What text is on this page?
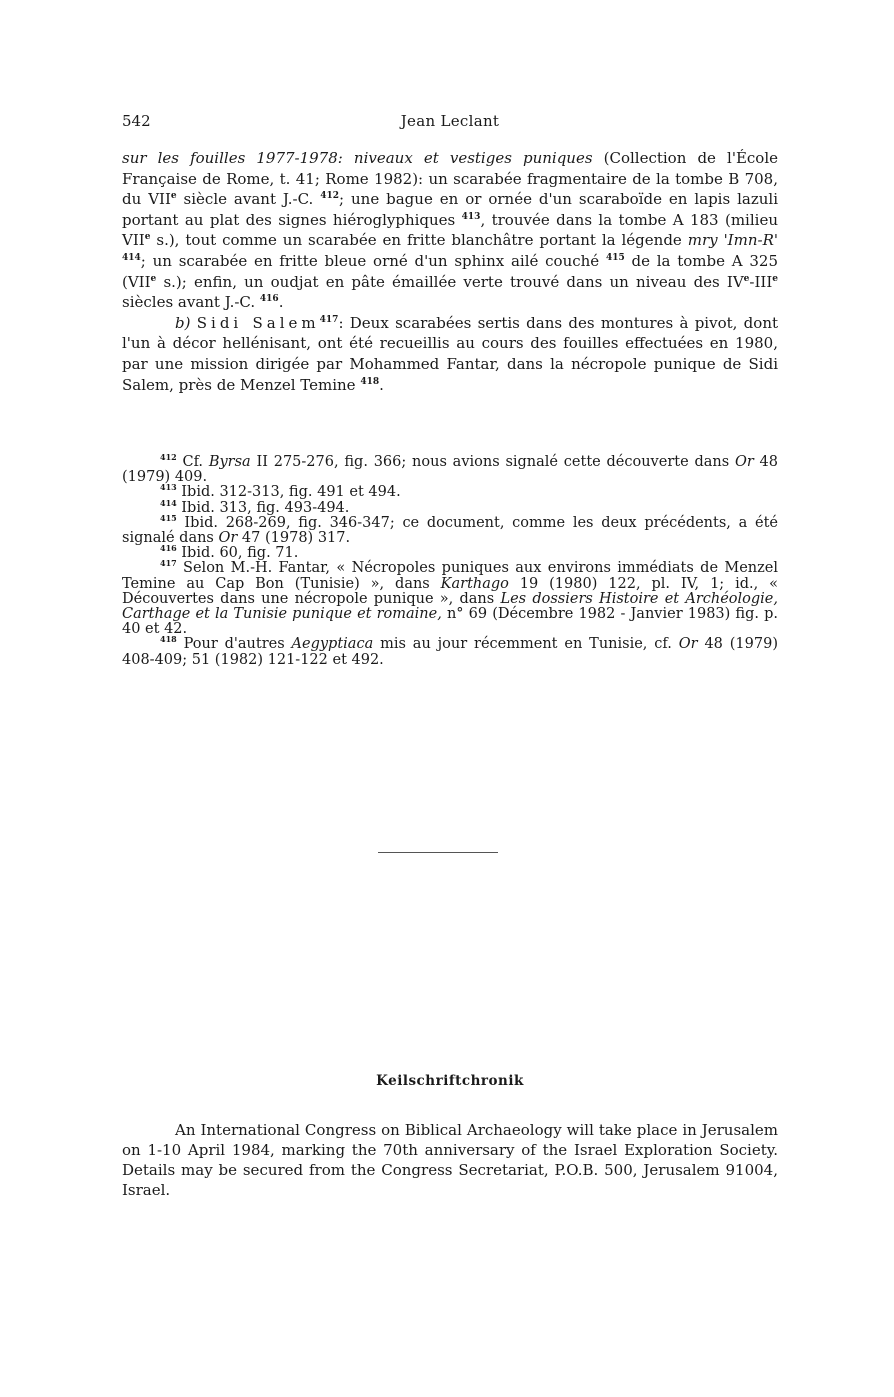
542	Jean Leclant

sur les fouilles 1977-1978: niveaux et vestiges puniques (Collection de l'École Française de Rome, t. 41; Rome 1982): un scarabée fragmentaire de la tombe B 708, du VIIe siècle avant J.-C. $^{412}$; une bague en or ornée d'un scaraboïde en lapis lazuli portant au plat des signes hiéroglyphiques $^{413}$, trouvée dans la tombe A 183 (milieu VIIe s.), tout comme un scarabée en fritte blanchâtre portant la légende mry 'Imn-R' $^{414}$; un scarabée en fritte bleue orné d'un sphinx ailé couché $^{415}$ de la tombe A 325 (VIIe s.); enfin, un oudjat en pâte émaillée verte trouvé dans un niveau des IVe-IIIe siècles avant J.-C. $^{416}$.

b) Sidi Salem$^{417}$: Deux scarabées sertis dans des montures à pivot, dont l'un à décor hellénisant, ont été recueillis au cours des fouilles effectuées en 1980, par une mission dirigée par Mohammed Fantar, dans la nécropole punique de Sidi Salem, près de Menzel Temine $^{418}$.

$^{412}$ Cf. Byrsa II 275-276, fig. 366; nous avions signalé cette découverte dans Or 48 (1979) 409.

$^{413}$ Ibid. 312-313, fig. 491 et 494.

$^{414}$ Ibid. 313, fig. 493-494.

$^{415}$ Ibid. 268-269, fig. 346-347; ce document, comme les deux précédents, a été signalé dans Or 47 (1978) 317.

$^{416}$ Ibid. 60, fig. 71.

$^{417}$ Selon M.-H. Fantar, « Nécropoles puniques aux environs immédiats de Menzel Temine au Cap Bon (Tunisie) », dans Karthago 19 (1980) 122, pl. IV, 1; id., « Découvertes dans une nécropole punique », dans Les dossiers Histoire et Archéologie, Carthage et la Tunisie punique et romaine, n° 69 (Décembre 1982 - Janvier 1983) fig. p. 40 et 42.

$^{418}$ Pour d'autres Aegyptiaca mis au jour récemment en Tunisie, cf. Or 48 (1979) 408-409; 51 (1982) 121-122 et 492.

Keilschriftchronik

An International Congress on Biblical Archaeology will take place in Jerusalem on 1-10 April 1984, marking the 70th anniversary of the Israel Exploration Society. Details may be secured from the Congress Secretariat, P.O.B. 500, Jerusalem 91004, Israel.
